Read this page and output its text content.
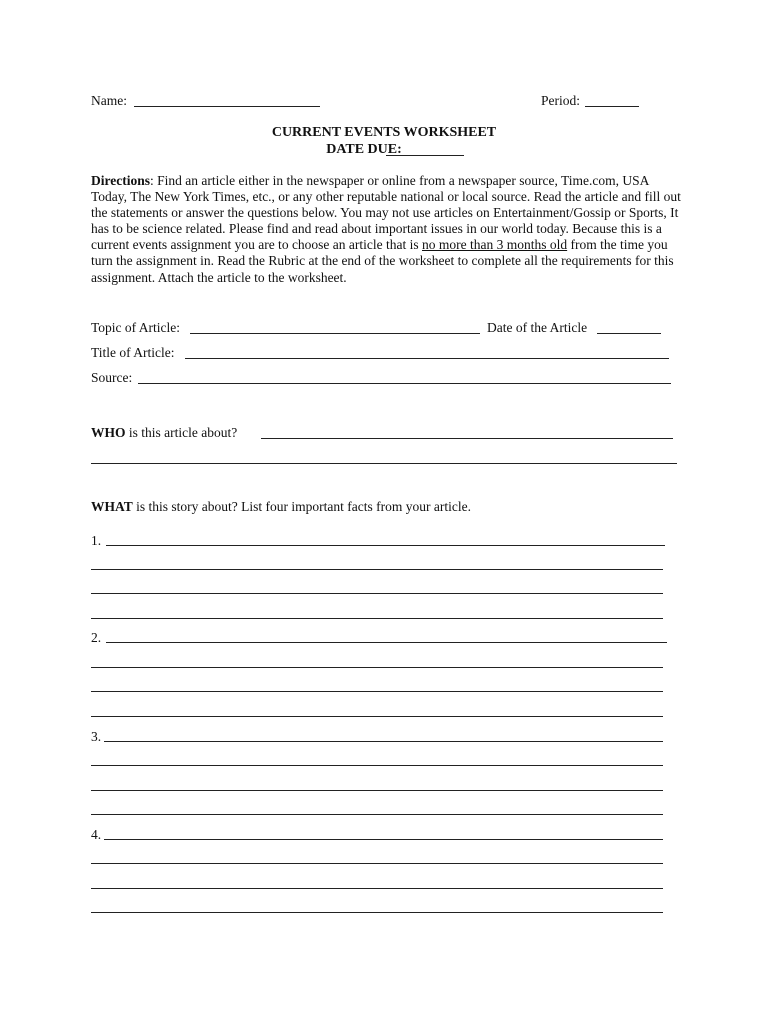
Name:	Period:
CURRENT EVENTS WORKSHEET
DATE DUE:
Directions: Find an article either in the newspaper or online from a newspaper source, Time.com, USA Today, The New York Times, etc., or any other reputable national or local source. Read the article and fill out the statements or answer the questions below. You may not use articles on Entertainment/Gossip or Sports, It has to be science related. Please find and read about important issues in our world today. Because this is a current events assignment you are to choose an article that is no more than 3 months old from the time you turn the assignment in. Read the Rubric at the end of the worksheet to complete all the requirements for this assignment. Attach the article to the worksheet.
Topic of Article:	Date of the Article
Title of Article:
Source:
WHO is this article about?
WHAT is this story about? List four important facts from your article.
1.
2.
3.
4.
